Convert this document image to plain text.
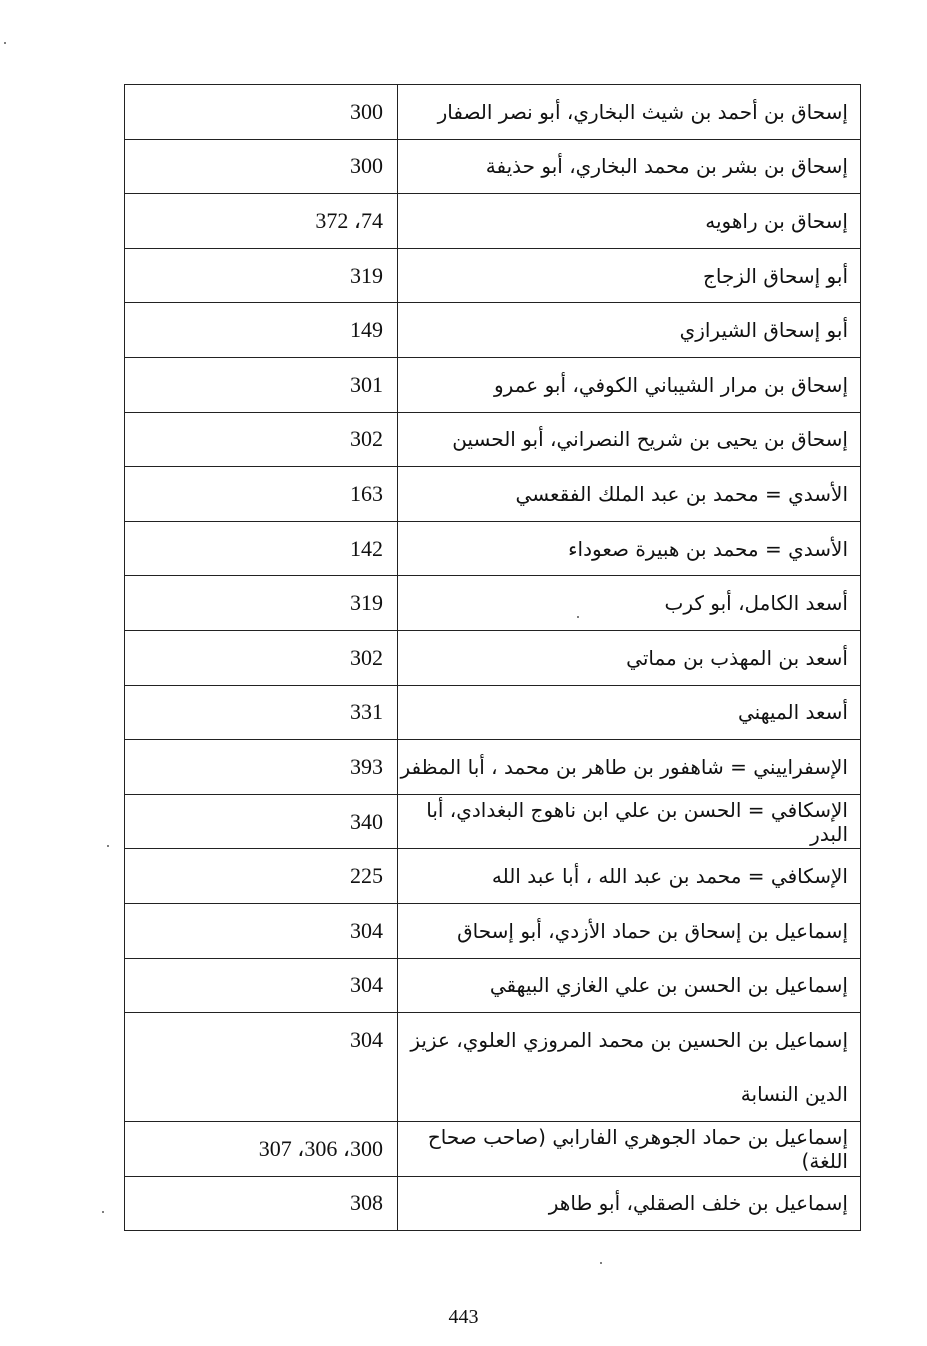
300	إسحاق بن أحمد بن شيث البخاري، أبو نصر الصفار
300	إسحاق بن بشر بن محمد البخاري، أبو حذيفة
372 ،74	إسحاق بن راهويه
319	أبو إسحاق الزجاج
149	أبو إسحاق الشيرازي
301	إسحاق بن مرار الشيباني الكوفي، أبو عمرو
302	إسحاق بن يحيى بن شريح النصراني، أبو الحسين
163	الأسدي = محمد بن عبد الملك الفقعسي
142	الأسدي = محمد بن هبيرة صعوداء
319	أسعد الكامل، أبو كرب
302	أسعد بن المهذب بن مماتي
331	أسعد الميهني
393	الإسفراييني = شاهفور بن طاهر بن محمد ، أبا المظفر
340	الإسكافي = الحسن بن علي ابن ناهوج البغدادي، أبا البدر
225	الإسكافي = محمد بن عبد الله ، أبا عبد الله
304	إسماعيل بن إسحاق بن حماد الأزدي، أبو إسحاق
304	إسماعيل بن الحسن بن علي الغازي البيهقي
304	إسماعيل بن الحسين بن محمد المروزي العلوي، عزيز الدين النسابة
307 ،306 ،300	إسماعيل بن حماد الجوهري الفارابي (صاحب صحاح اللغة)
308	إسماعيل بن خلف الصقلي، أبو طاهر
443
